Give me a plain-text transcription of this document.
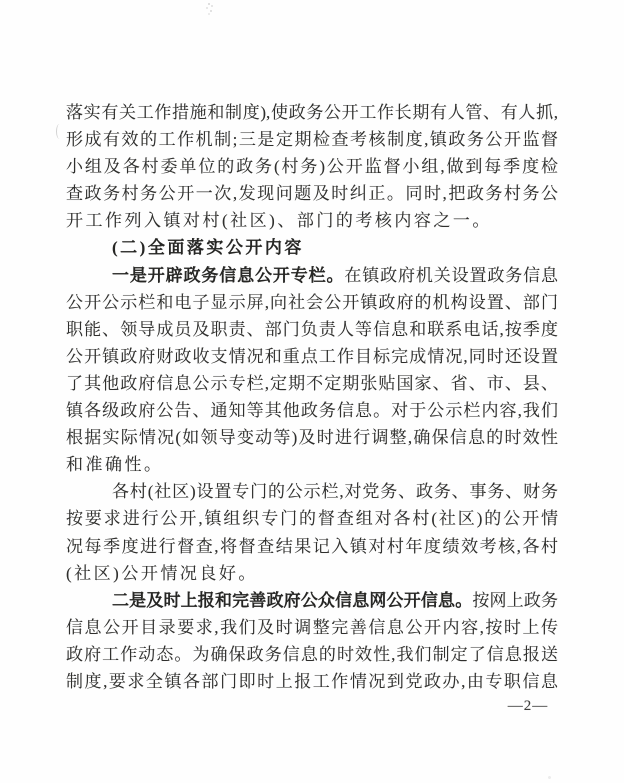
落实有关工作措施和制度),使政务公开工作长期有人管、有人抓,
形成有效的工作机制;三是定期检查考核制度,镇政务公开监督
小组及各村委单位的政务(村务)公开监督小组,做到每季度检
查政务村务公开一次,发现问题及时纠正。同时,把政务村务公
开工作列入镇对村(社区)、部门的考核内容之一。
(二)全面落实公开内容
一是开辟政务信息公开专栏。在镇政府机关设置政务信息
公开公示栏和电子显示屏,向社会公开镇政府的机构设置、部门
职能、领导成员及职责、部门负责人等信息和联系电话,按季度
公开镇政府财政收支情况和重点工作目标完成情况,同时还设置
了其他政府信息公示专栏,定期不定期张贴国家、省、市、县、
镇各级政府公告、通知等其他政务信息。对于公示栏内容,我们
根据实际情况(如领导变动等)及时进行调整,确保信息的时效性
和准确性。
各村(社区)设置专门的公示栏,对党务、政务、事务、财务
按要求进行公开,镇组织专门的督查组对各村(社区)的公开情
况每季度进行督查,将督查结果记入镇对村年度绩效考核,各村
(社区)公开情况良好。
二是及时上报和完善政府公众信息网公开信息。按网上政务
信息公开目录要求,我们及时调整完善信息公开内容,按时上传
政府工作动态。为确保政务信息的时效性,我们制定了信息报送
制度,要求全镇各部门即时上报工作情况到党政办,由专职信息
—2—
